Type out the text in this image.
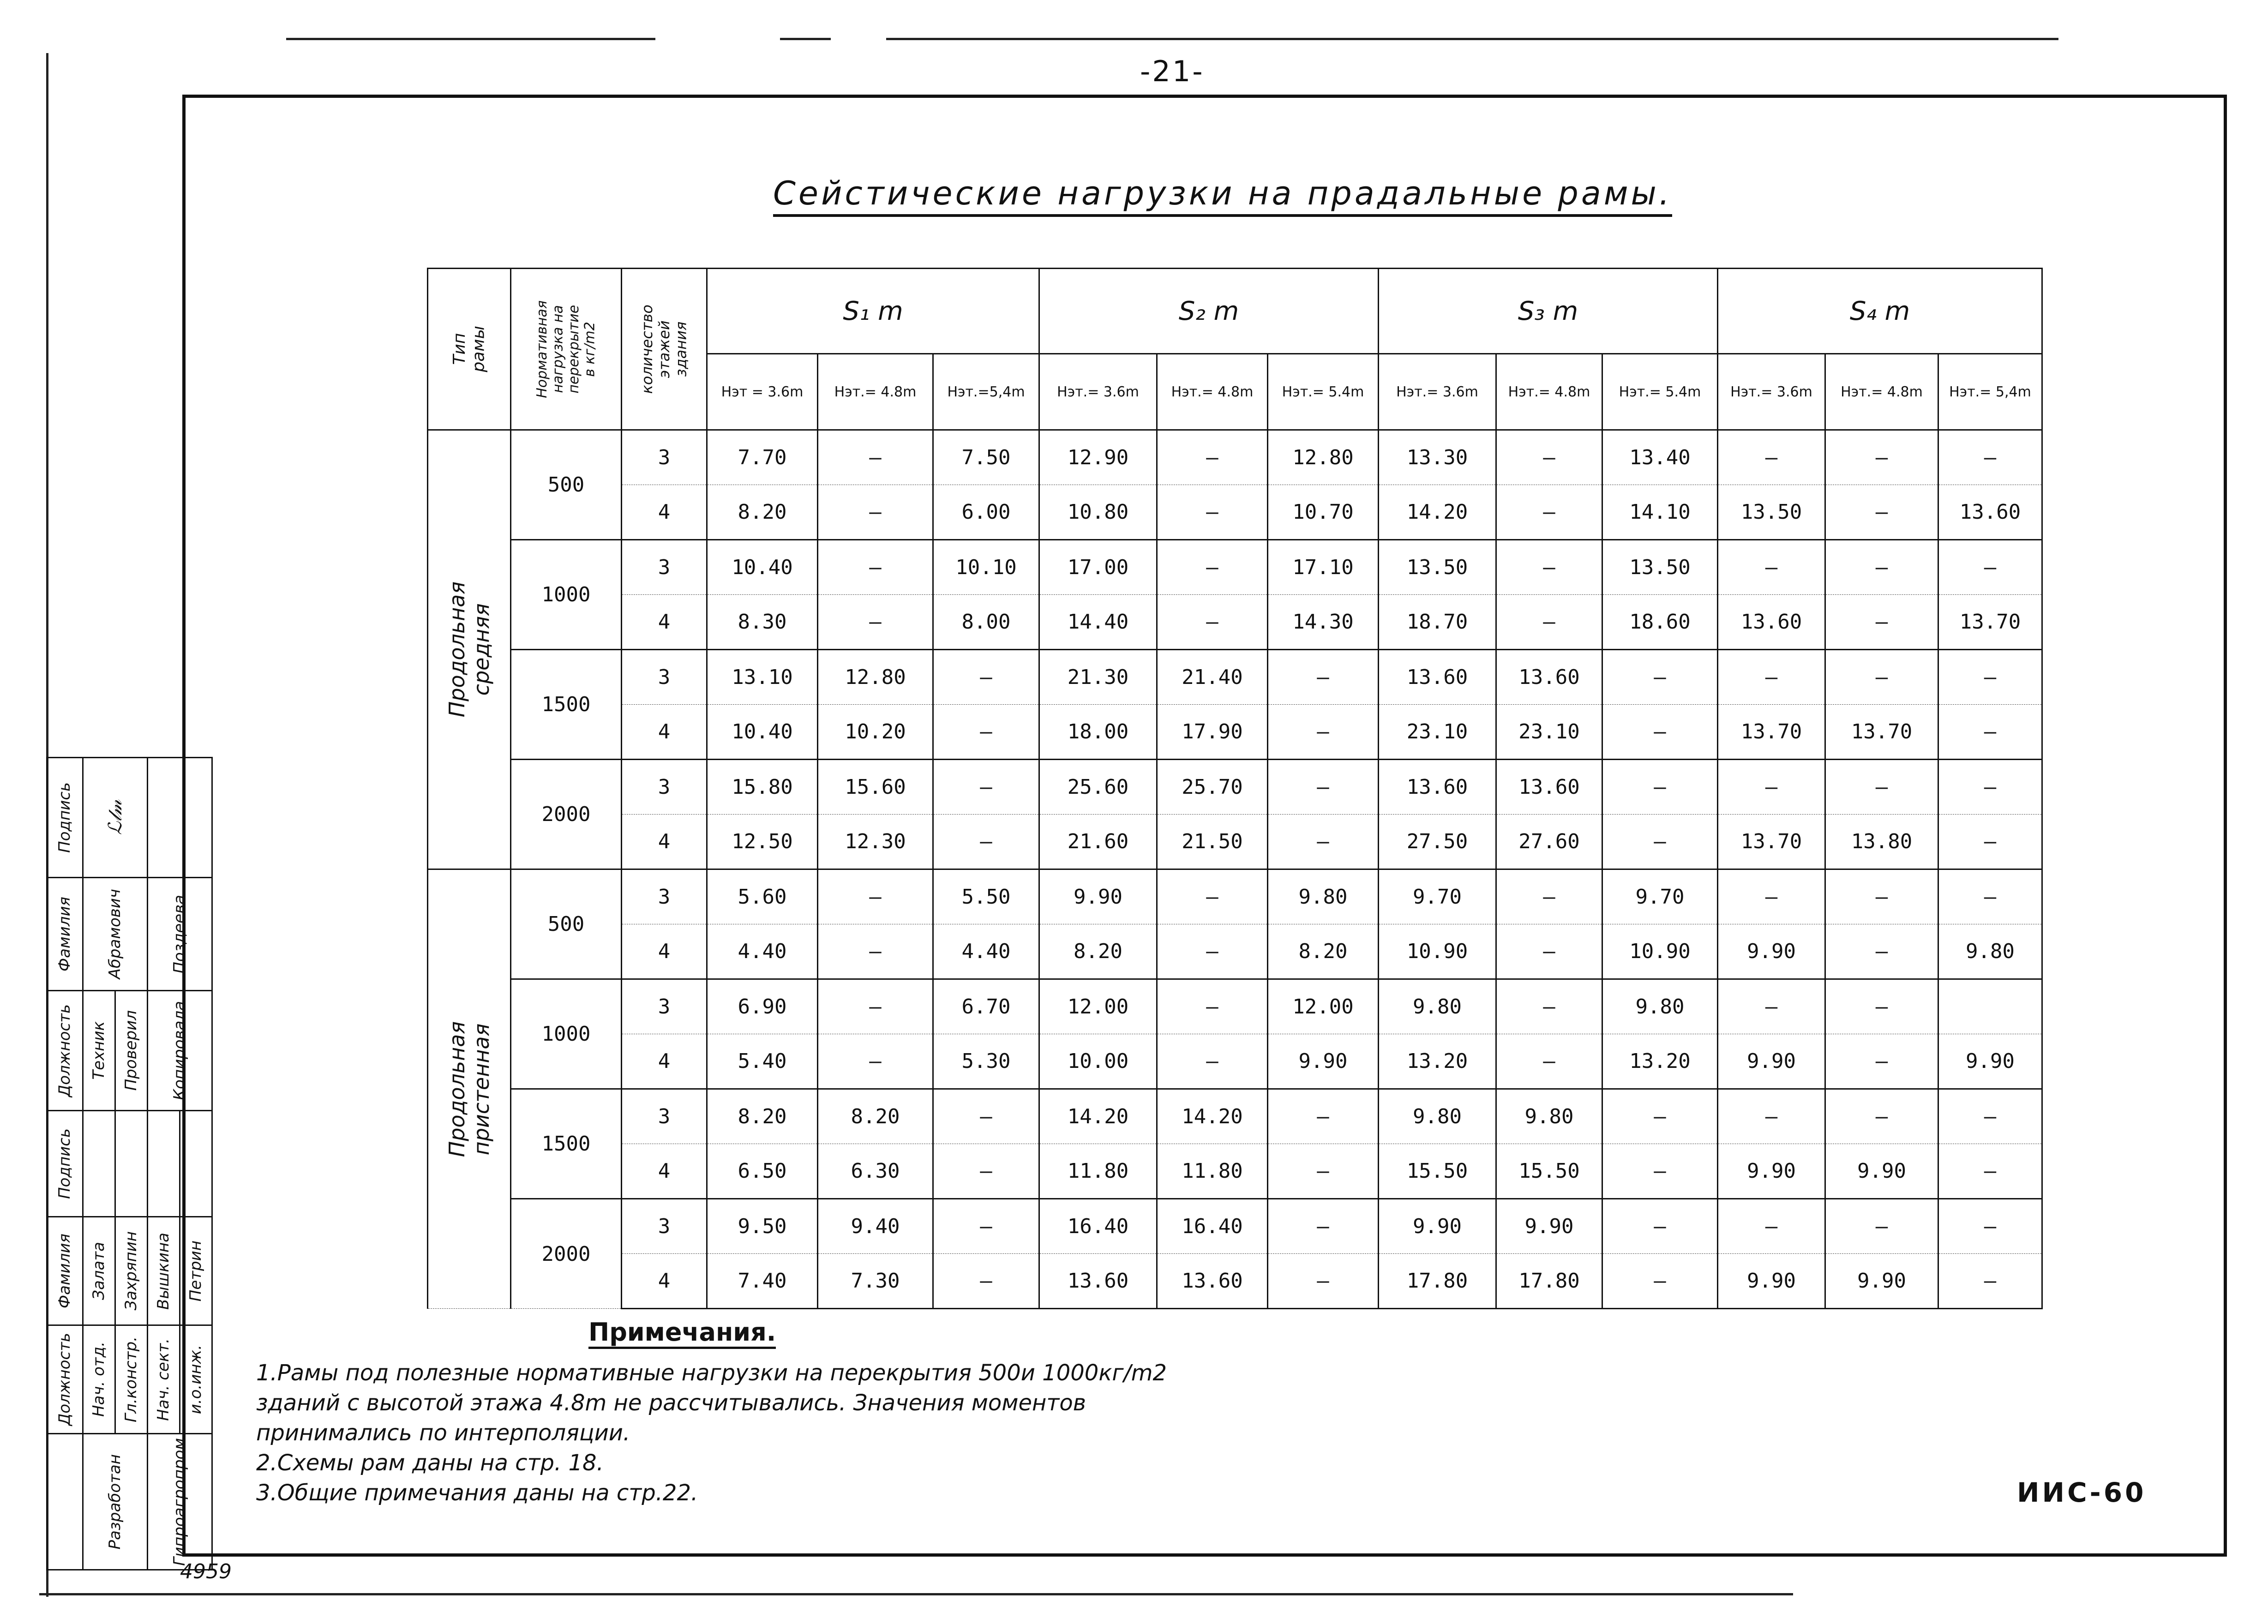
-21-
Сейстические нагрузки на прадальные рамы.
Тип
рамы	Нормативная
нагрузка на
перекрытие
в кг/m2	количество
этажей
здания	S₁ m			S₂ m			S₃ m			S₄ m		
			Нэт = 3.6m	Нэт.= 4.8m	Нэт.=5,4m	Нэт.= 3.6m	Нэт.= 4.8m	Нэт.= 5.4m	Нэт.= 3.6m	Нэт.= 4.8m	Нэт.= 5.4m	Нэт.= 3.6m	Нэт.= 4.8m	Нэт.= 5,4m

Продольная
средняя	500	3	7.70	—	7.50	12.90	—	12.80	13.30	—	13.40	—	—	—
		4	8.20	—	6.00	10.80	—	10.70	14.20	—	14.10	13.50	—	13.60
	1000	3	10.40	—	10.10	17.00	—	17.10	13.50	—	13.50	—	—	—
		4	8.30	—	8.00	14.40	—	14.30	18.70	—	18.60	13.60	—	13.70
	1500	3	13.10	12.80	—	21.30	21.40	—	13.60	13.60	—	—	—	—
		4	10.40	10.20	—	18.00	17.90	—	23.10	23.10	—	13.70	13.70	—
	2000	3	15.80	15.60	—	25.60	25.70	—	13.60	13.60	—	—	—	—
		4	12.50	12.30	—	21.60	21.50	—	27.50	27.60	—	13.70	13.80	—

Продольная
пристенная	500	3	5.60	—	5.50	9.90	—	9.80	9.70	—	9.70	—	—	—
		4	4.40	—	4.40	8.20	—	8.20	10.90	—	10.90	9.90	—	9.80
	1000	3	6.90	—	6.70	12.00	—	12.00	9.80	—	9.80	—	—	
		4	5.40	—	5.30	10.00	—	9.90	13.20	—	13.20	9.90	—	9.90
	1500	3	8.20	8.20	—	14.20	14.20	—	9.80	9.80	—	—	—	—
		4	6.50	6.30	—	11.80	11.80	—	15.50	15.50	—	9.90	9.90	—
	2000	3	9.50	9.40	—	16.40	16.40	—	9.90	9.90	—	—	—	—
		4	7.40	7.30	—	13.60	13.60	—	17.80	17.80	—	9.90	9.90	—
Примечания.
1.Рамы под полезные нормативные нагрузки на перекрытия 500и 1000кг/m2
зданий с высотой этажа 4.8m не рассчитывались. Значения моментов
принимались по интерполяции.
2.Схемы рам даны на стр. 18.
3.Общие примечания даны на стр.22.	ИИС-60
4959
Подпись	ℒ𝓁𝓂			

Фамилия	Абрамович		Поздеева	

Должность	Техник	Проверил	Копировала	

Подпись				

Фамилия	Залата	Захряпин	Вышкина	Петрин

Должность	Нач. отд.	Гл.констр.	Нач. сект.	и.о.инж.

	Разработан		Гипроагропром	
